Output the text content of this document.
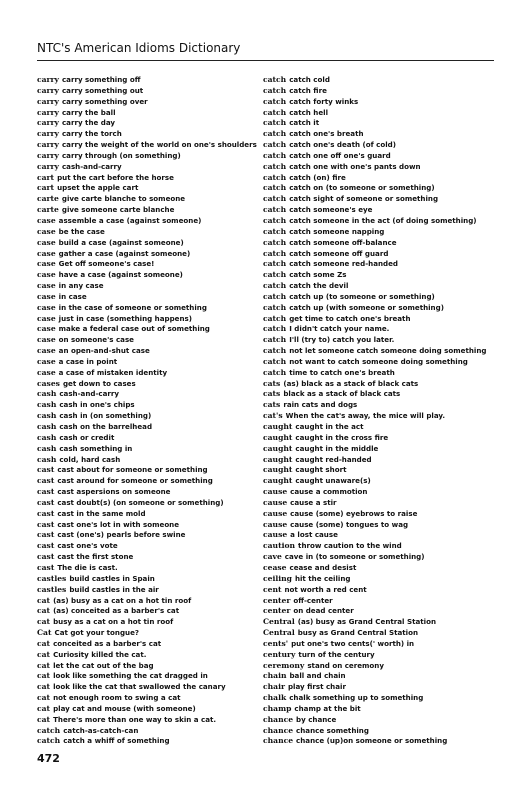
NTC's American Idioms Dictionary
carry carry something off
carry carry something out
carry carry something over
carry carry the ball
carry carry the day
carry carry the torch
carry carry the weight of the world on one's shoulders
carry carry through (on something)
carry cash-and-carry
cart put the cart before the horse
cart upset the apple cart
carte give carte blanche to someone
carte give someone carte blanche
case assemble a case (against someone)
case be the case
case build a case (against someone)
case gather a case (against someone)
case Get off someone's case!
case have a case (against someone)
case in any case
case in case
case in the case of someone or something
case just in case (something happens)
case make a federal case out of something
case on someone's case
case an open-and-shut case
case a case in point
case a case of mistaken identity
cases get down to cases
cash cash-and-carry
cash cash in one's chips
cash cash in (on something)
cash cash on the barrelhead
cash cash or credit
cash cash something in
cash cold, hard cash
cast cast about for someone or something
cast cast around for someone or something
cast cast aspersions on someone
cast cast doubt(s) (on someone or something)
cast cast in the same mold
cast cast one's lot in with someone
cast cast (one's) pearls before swine
cast cast one's vote
cast cast the first stone
cast The die is cast.
castles build castles in Spain
castles build castles in the air
cat (as) busy as a cat on a hot tin roof
cat (as) conceited as a barber's cat
cat busy as a cat on a hot tin roof
Cat Cat got your tongue?
cat conceited as a barber's cat
cat Curiosity killed the cat.
cat let the cat out of the bag
cat look like something the cat dragged in
cat look like the cat that swallowed the canary
cat not enough room to swing a cat
cat play cat and mouse (with someone)
cat There's more than one way to skin a cat.
catch catch-as-catch-can
catch catch a whiff of something
catch catch cold
catch catch fire
catch catch forty winks
catch catch hell
catch catch it
catch catch one's breath
catch catch one's death (of cold)
catch catch one off one's guard
catch catch one with one's pants down
catch catch (on) fire
catch catch on (to someone or something)
catch catch sight of someone or something
catch catch someone's eye
catch catch someone in the act (of doing something)
catch catch someone napping
catch catch someone off-balance
catch catch someone off guard
catch catch someone red-handed
catch catch some Zs
catch catch the devil
catch catch up (to someone or something)
catch catch up (with someone or something)
catch get time to catch one's breath
catch I didn't catch your name.
catch I'll (try to) catch you later.
catch not let someone catch someone doing something
catch not want to catch someone doing something
catch time to catch one's breath
cats (as) black as a stack of black cats
cats black as a stack of black cats
cats rain cats and dogs
cat's When the cat's away, the mice will play.
caught caught in the act
caught caught in the cross fire
caught caught in the middle
caught caught red-handed
caught caught short
caught caught unaware(s)
cause cause a commotion
cause cause a stir
cause cause (some) eyebrows to raise
cause cause (some) tongues to wag
cause a lost cause
caution throw caution to the wind
cave cave in (to someone or something)
cease cease and desist
ceiling hit the ceiling
cent not worth a red cent
center off-center
center on dead center
Central (as) busy as Grand Central Station
Central busy as Grand Central Station
cents' put one's two cents(' worth) in
century turn of the century
ceremony stand on ceremony
chain ball and chain
chair play first chair
chalk chalk something up to something
champ champ at the bit
chance by chance
chance chance something
chance chance (up)on someone or something
472
